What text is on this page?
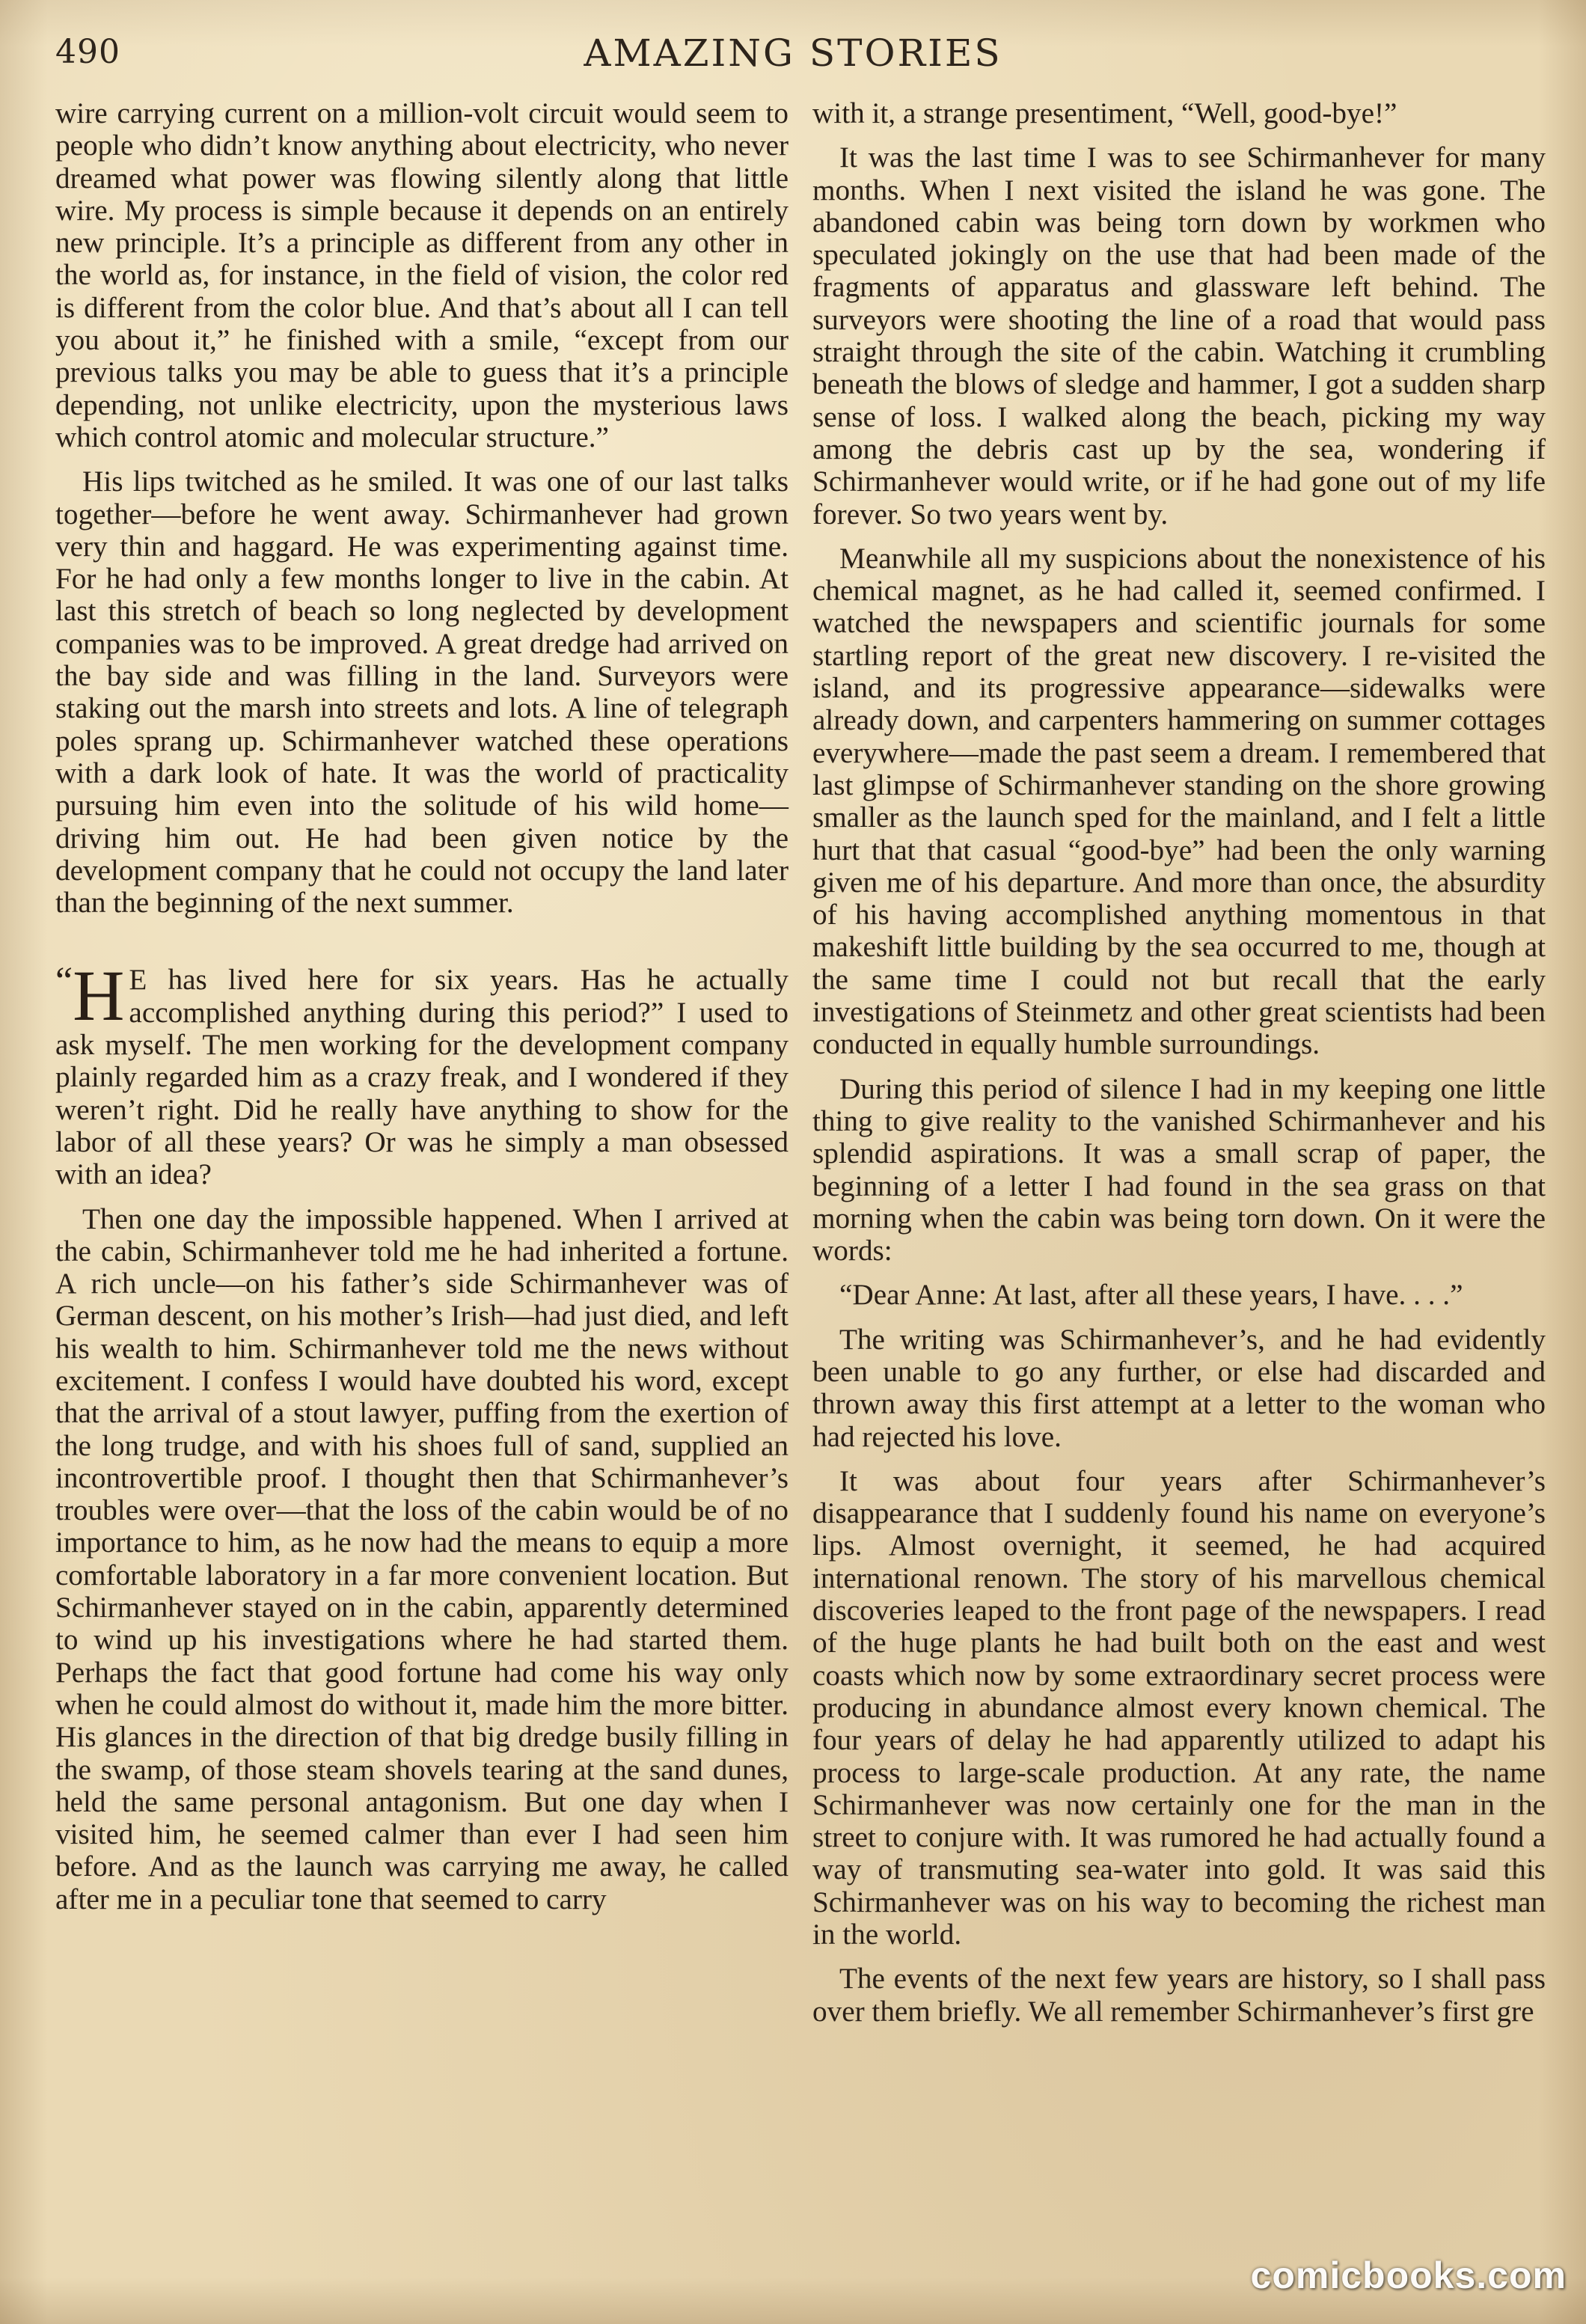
490	AMAZING STORIES

wire carrying current on a million-volt circuit would seem to people who didn’t know anything about electricity, who never dreamed what power was flowing silently along that little wire. My process is simple because it depends on an entirely new principle. It’s a principle as different from any other in the world as, for instance, in the field of vision, the color red is different from the color blue. And that’s about all I can tell you about it,” he finished with a smile, “except from our previous talks you may be able to guess that it’s a principle depending, not unlike electricity, upon the mysterious laws which control atomic and molecular structure.”

His lips twitched as he smiled. It was one of our last talks together—before he went away. Schirmanhever had grown very thin and haggard. He was experimenting against time. For he had only a few months longer to live in the cabin. At last this stretch of beach so long neglected by development companies was to be improved. A great dredge had arrived on the bay side and was filling in the land. Surveyors were staking out the marsh into streets and lots. A line of telegraph poles sprang up. Schirmanhever watched these operations with a dark look of hate. It was the world of practicality pursuing him even into the solitude of his wild home—driving him out. He had been given notice by the development company that he could not occupy the land later than the beginning of the next summer.

“H E has lived here for six years. Has he actually accomplished anything during this period?” I used to ask myself. The men working for the development company plainly regarded him as a crazy freak, and I wondered if they weren’t right. Did he really have anything to show for the labor of all these years? Or was he simply a man obsessed with an idea?

Then one day the impossible happened. When I arrived at the cabin, Schirmanhever told me he had inherited a fortune. A rich uncle—on his father’s side Schirmanhever was of German descent, on his mother’s Irish—had just died, and left his wealth to him. Schirmanhever told me the news without excitement. I confess I would have doubted his word, except that the arrival of a stout lawyer, puffing from the exertion of the long trudge, and with his shoes full of sand, supplied an incontrovertible proof. I thought then that Schirmanhever’s troubles were over—that the loss of the cabin would be of no importance to him, as he now had the means to equip a more comfortable laboratory in a far more convenient location. But Schirmanhever stayed on in the cabin, apparently determined to wind up his investigations where he had started them. Perhaps the fact that good fortune had come his way only when he could almost do without it, made him the more bitter. His glances in the direction of that big dredge busily filling in the swamp, of those steam shovels tearing at the sand dunes, held the same personal antagonism. But one day when I visited him, he seemed calmer than ever I had seen him before. And as the launch was carrying me away, he called after me in a peculiar tone that seemed to carry

with it, a strange presentiment, “Well, good-bye!”

It was the last time I was to see Schirmanhever for many months. When I next visited the island he was gone. The abandoned cabin was being torn down by workmen who speculated jokingly on the use that had been made of the fragments of apparatus and glassware left behind. The surveyors were shooting the line of a road that would pass straight through the site of the cabin. Watching it crumbling beneath the blows of sledge and hammer, I got a sudden sharp sense of loss. I walked along the beach, picking my way among the debris cast up by the sea, wondering if Schirmanhever would write, or if he had gone out of my life forever. So two years went by.

Meanwhile all my suspicions about the nonexistence of his chemical magnet, as he had called it, seemed confirmed. I watched the newspapers and scientific journals for some startling report of the great new discovery. I re-visited the island, and its progressive appearance—sidewalks were already down, and carpenters hammering on summer cottages everywhere—made the past seem a dream. I remembered that last glimpse of Schirmanhever standing on the shore growing smaller as the launch sped for the mainland, and I felt a little hurt that that casual “good-bye” had been the only warning given me of his departure. And more than once, the absurdity of his having accomplished anything momentous in that makeshift little building by the sea occurred to me, though at the same time I could not but recall that the early investigations of Steinmetz and other great scientists had been conducted in equally humble surroundings.

During this period of silence I had in my keeping one little thing to give reality to the vanished Schirmanhever and his splendid aspirations. It was a small scrap of paper, the beginning of a letter I had found in the sea grass on that morning when the cabin was being torn down. On it were the words:

“Dear Anne: At last, after all these years, I have. . . .”

The writing was Schirmanhever’s, and he had evidently been unable to go any further, or else had discarded and thrown away this first attempt at a letter to the woman who had rejected his love.

It was about four years after Schirmanhever’s disappearance that I suddenly found his name on everyone’s lips. Almost overnight, it seemed, he had acquired international renown. The story of his marvellous chemical discoveries leaped to the front page of the newspapers. I read of the huge plants he had built both on the east and west coasts which now by some extraordinary secret process were producing in abundance almost every known chemical. The four years of delay he had apparently utilized to adapt his process to large-scale production. At any rate, the name Schirmanhever was now certainly one for the man in the street to conjure with. It was rumored he had actually found a way of transmuting sea-water into gold. It was said this Schirmanhever was on his way to becoming the richest man in the world.

The events of the next few years are history, so I shall pass over them briefly. We all remember Schirmanhever’s first gre

comicbooks.com
